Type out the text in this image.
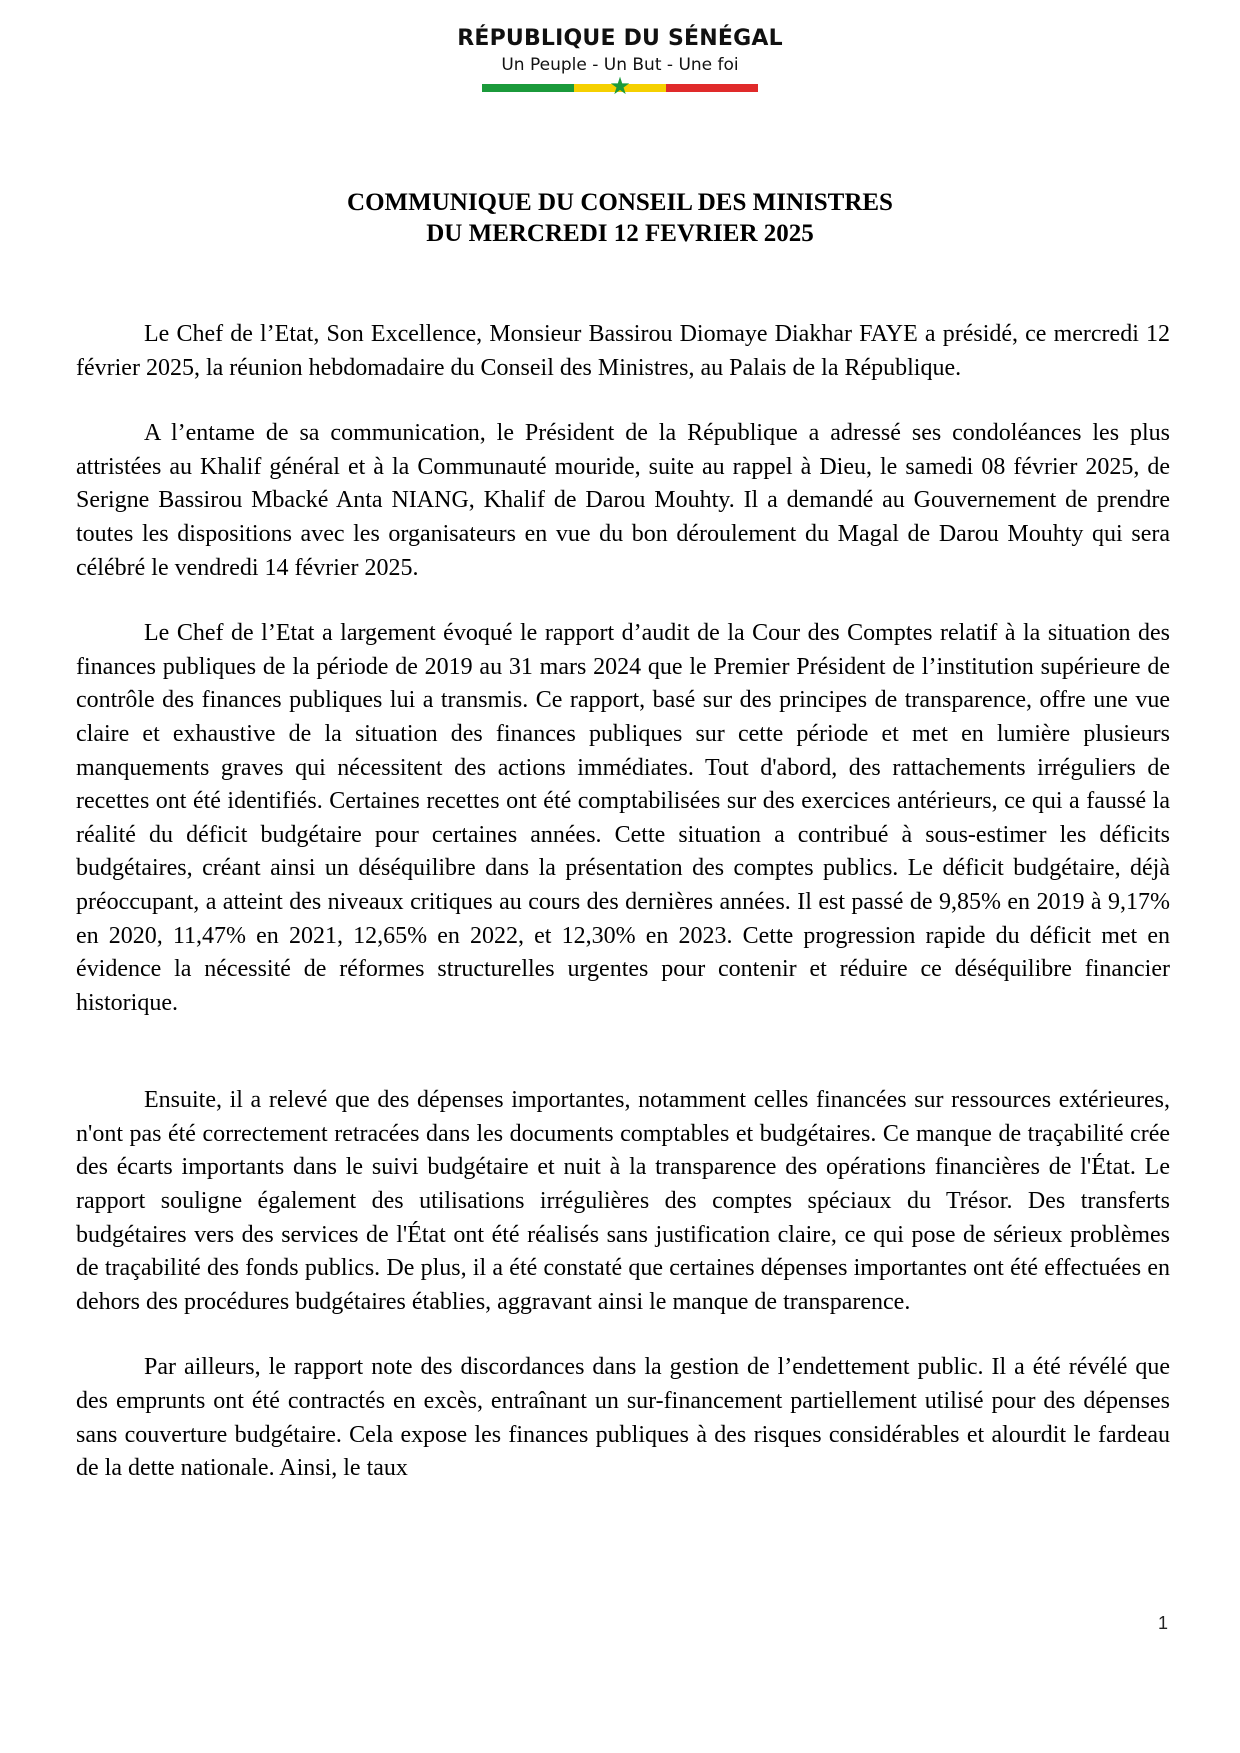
RÉPUBLIQUE DU SÉNÉGAL
Un Peuple - Un But - Une foi
★
COMMUNIQUE DU CONSEIL DES MINISTRES
DU MERCREDI 12 FEVRIER 2025

Le Chef de l’Etat, Son Excellence, Monsieur Bassirou Diomaye Diakhar FAYE a présidé, ce mercredi 12 février 2025, la réunion hebdomadaire du Conseil des Ministres, au Palais de la République.

A l’entame de sa communication, le Président de la République a adressé ses condoléances les plus attristées au Khalif général et à la Communauté mouride, suite au rappel à Dieu, le samedi 08 février 2025, de Serigne Bassirou Mbacké Anta NIANG, Khalif de Darou Mouhty. Il a demandé au Gouvernement de prendre toutes les dispositions avec les organisateurs en vue du bon déroulement du Magal de Darou Mouhty qui sera célébré le vendredi 14 février 2025.

Le Chef de l’Etat a largement évoqué le rapport d’audit de la Cour des Comptes relatif à la situation des finances publiques de la période de 2019 au 31 mars 2024 que le Premier Président de l’institution supérieure de contrôle des finances publiques lui a transmis. Ce rapport, basé sur des principes de transparence, offre une vue claire et exhaustive de la situation des finances publiques sur cette période et met en lumière plusieurs manquements graves qui nécessitent des actions immédiates. Tout d'abord, des rattachements irréguliers de recettes ont été identifiés. Certaines recettes ont été comptabilisées sur des exercices antérieurs, ce qui a faussé la réalité du déficit budgétaire pour certaines années. Cette situation a contribué à sous-estimer les déficits budgétaires, créant ainsi un déséquilibre dans la présentation des comptes publics. Le déficit budgétaire, déjà préoccupant, a atteint des niveaux critiques au cours des dernières années. Il est passé de 9,85% en 2019 à 9,17% en 2020, 11,47% en 2021, 12,65% en 2022, et 12,30% en 2023. Cette progression rapide du déficit met en évidence la nécessité de réformes structurelles urgentes pour contenir et réduire ce déséquilibre financier historique.

Ensuite, il a relevé que des dépenses importantes, notamment celles financées sur ressources extérieures, n'ont pas été correctement retracées dans les documents comptables et budgétaires. Ce manque de traçabilité crée des écarts importants dans le suivi budgétaire et nuit à la transparence des opérations financières de l'État. Le rapport souligne également des utilisations irrégulières des comptes spéciaux du Trésor. Des transferts budgétaires vers des services de l'État ont été réalisés sans justification claire, ce qui pose de sérieux problèmes de traçabilité des fonds publics. De plus, il a été constaté que certaines dépenses importantes ont été effectuées en dehors des procédures budgétaires établies, aggravant ainsi le manque de transparence.

Par ailleurs, le rapport note des discordances dans la gestion de l’endettement public. Il a été révélé que des emprunts ont été contractés en excès, entraînant un sur-financement partiellement utilisé pour des dépenses sans couverture budgétaire. Cela expose les finances publiques à des risques considérables et alourdit le fardeau de la dette nationale. Ainsi, le taux

1
